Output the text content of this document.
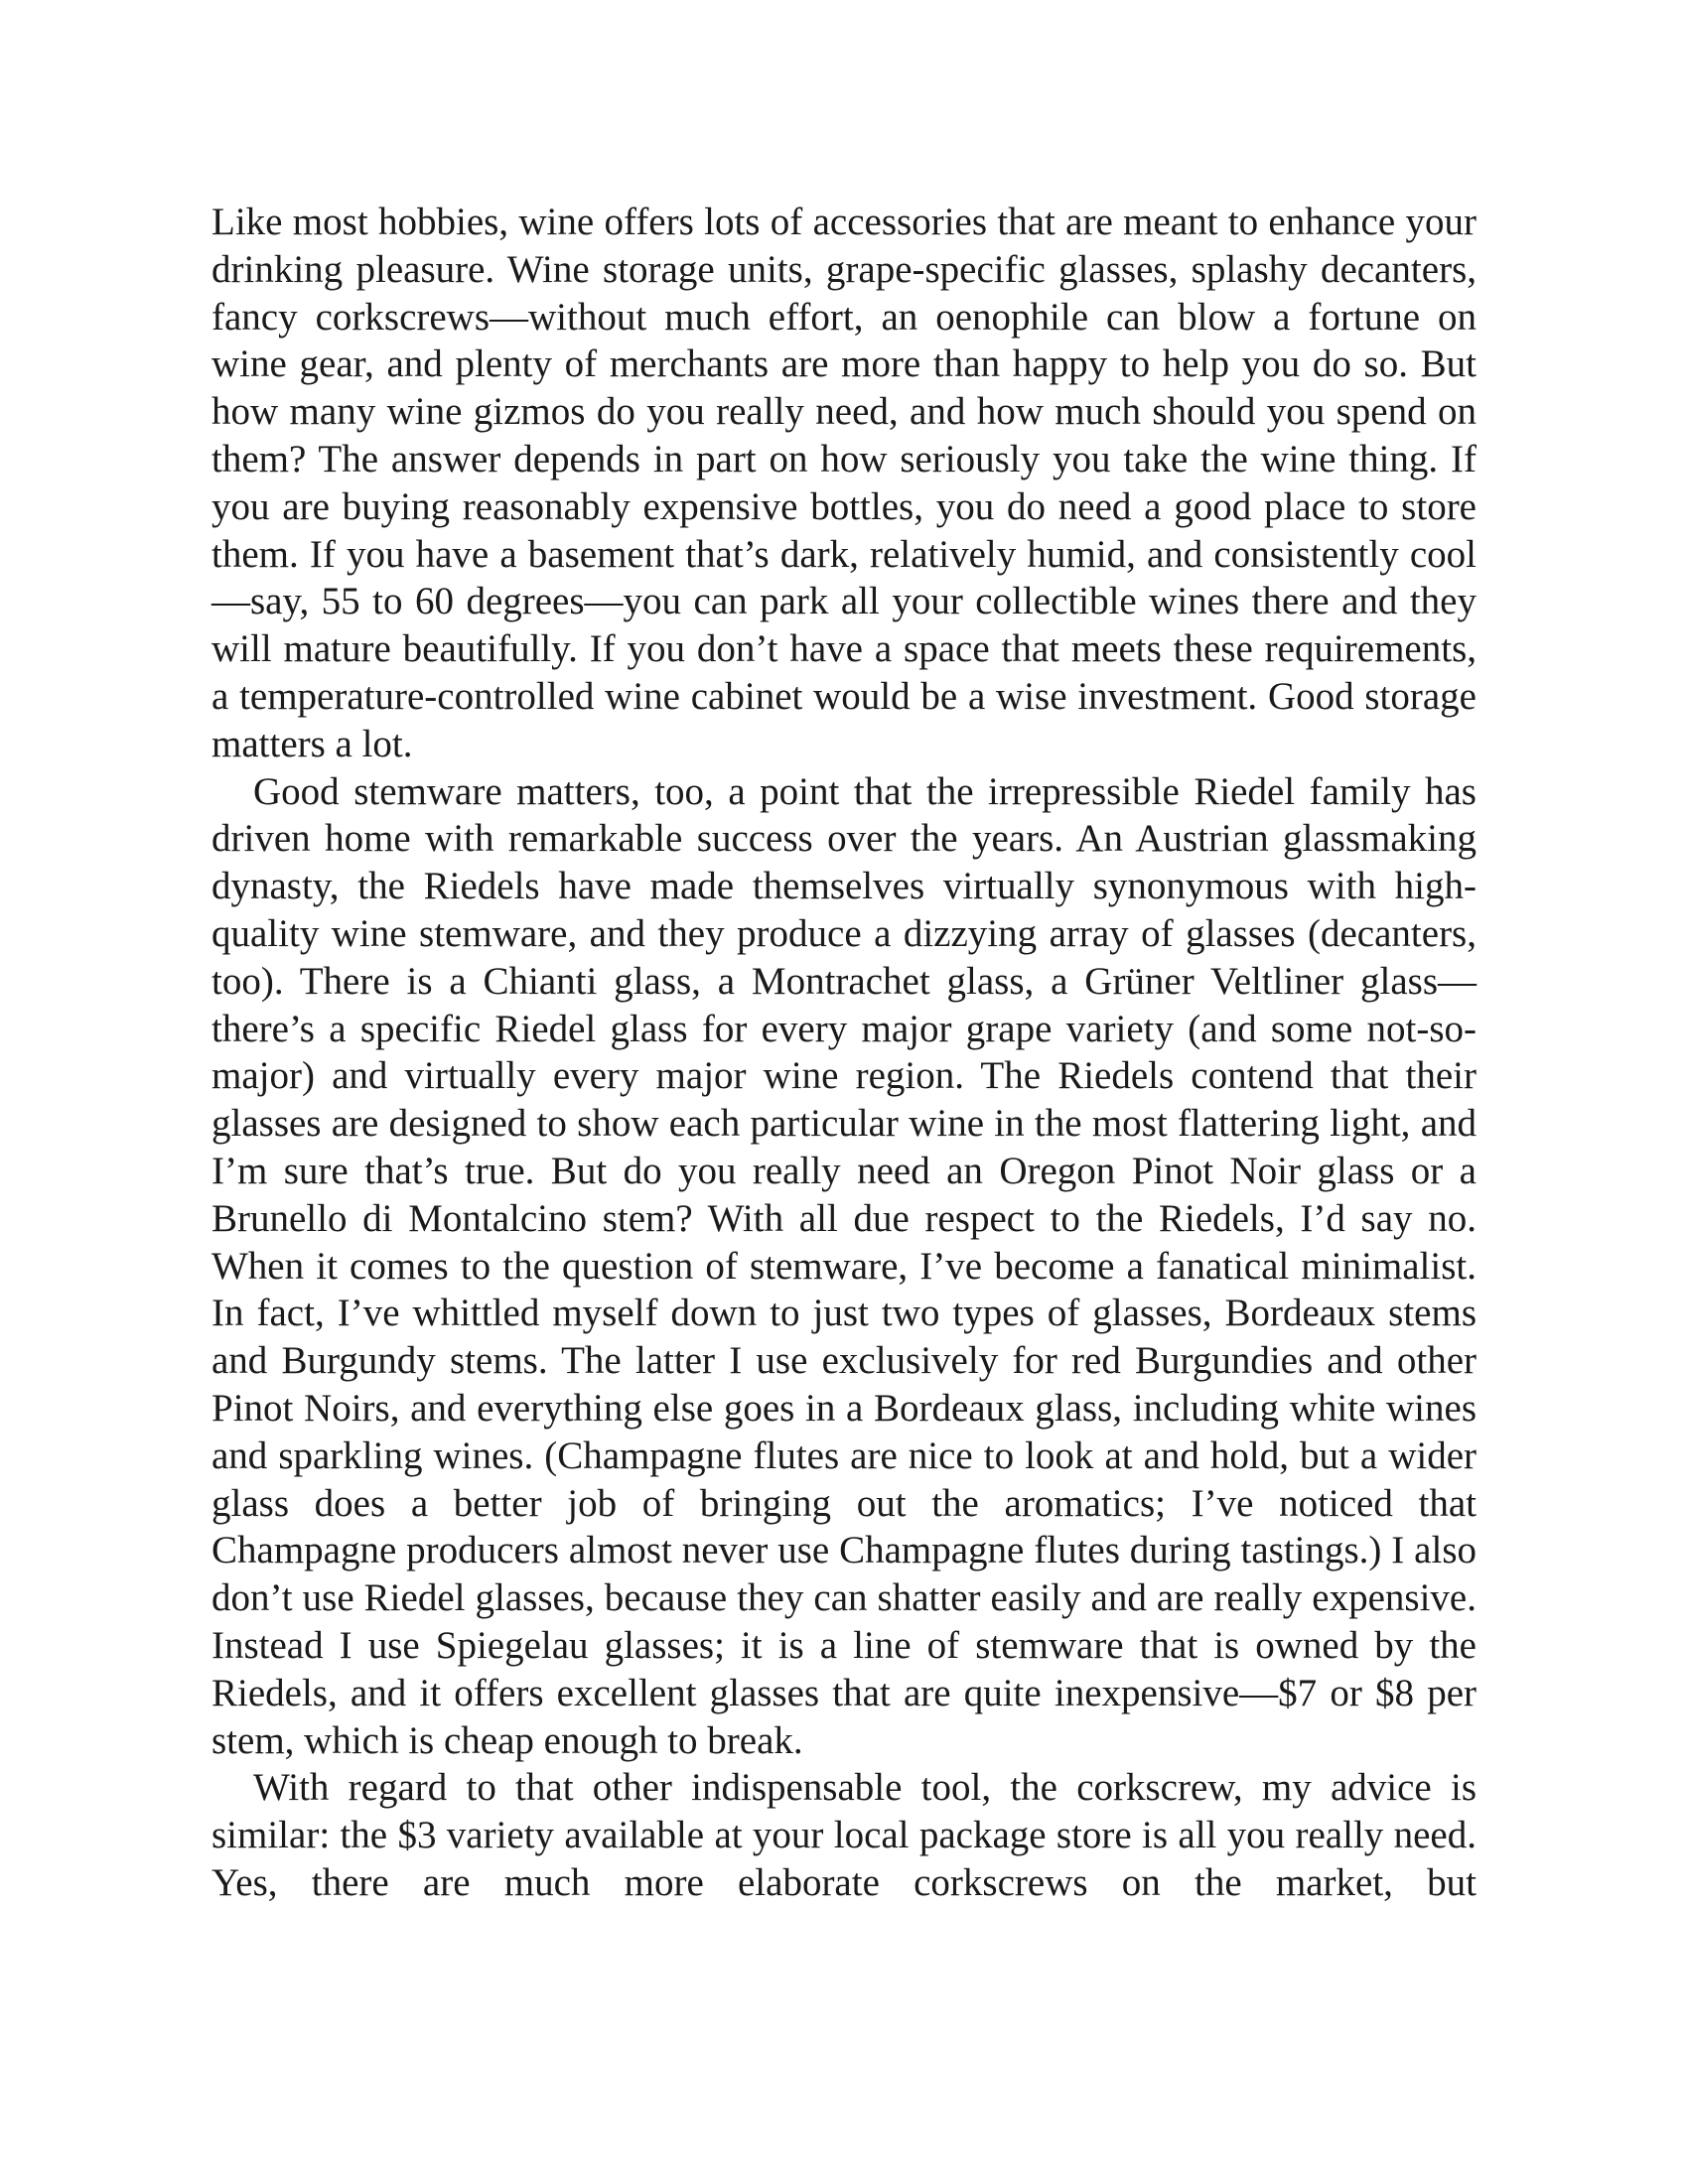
Like most hobbies, wine offers lots of accessories that are meant to enhance your drinking pleasure. Wine storage units, grape-specific glasses, splashy decanters, fancy corkscrews—without much effort, an oenophile can blow a fortune on wine gear, and plenty of merchants are more than happy to help you do so. But how many wine gizmos do you really need, and how much should you spend on them? The answer depends in part on how seriously you take the wine thing. If you are buying reasonably expensive bottles, you do need a good place to store them. If you have a basement that’s dark, relatively humid, and consistently cool—say, 55 to 60 degrees—you can park all your collectible wines there and they will mature beautifully. If you don’t have a space that meets these requirements, a temperature-controlled wine cabinet would be a wise investment. Good storage matters a lot.

Good stemware matters, too, a point that the irrepressible Riedel family has driven home with remarkable success over the years. An Austrian glassmaking dynasty, the Riedels have made themselves virtually synonymous with high-quality wine stemware, and they produce a dizzying array of glasses (decanters, too). There is a Chianti glass, a Montrachet glass, a Grüner Veltliner glass—there’s a specific Riedel glass for every major grape variety (and some not-so-major) and virtually every major wine region. The Riedels contend that their glasses are designed to show each particular wine in the most flattering light, and I’m sure that’s true. But do you really need an Oregon Pinot Noir glass or a Brunello di Montalcino stem? With all due respect to the Riedels, I’d say no. When it comes to the question of stemware, I’ve become a fanatical minimalist. In fact, I’ve whittled myself down to just two types of glasses, Bordeaux stems and Burgundy stems. The latter I use exclusively for red Burgundies and other Pinot Noirs, and everything else goes in a Bordeaux glass, including white wines and sparkling wines. (Champagne flutes are nice to look at and hold, but a wider glass does a better job of bringing out the aromatics; I’ve noticed that Champagne producers almost never use Champagne flutes during tastings.) I also don’t use Riedel glasses, because they can shatter easily and are really expensive. Instead I use Spiegelau glasses; it is a line of stemware that is owned by the Riedels, and it offers excellent glasses that are quite inexpensive—$7 or $8 per stem, which is cheap enough to break.

With regard to that other indispensable tool, the corkscrew, my advice is similar: the $3 variety available at your local package store is all you really need. Yes, there are much more elaborate corkscrews on the market, but
